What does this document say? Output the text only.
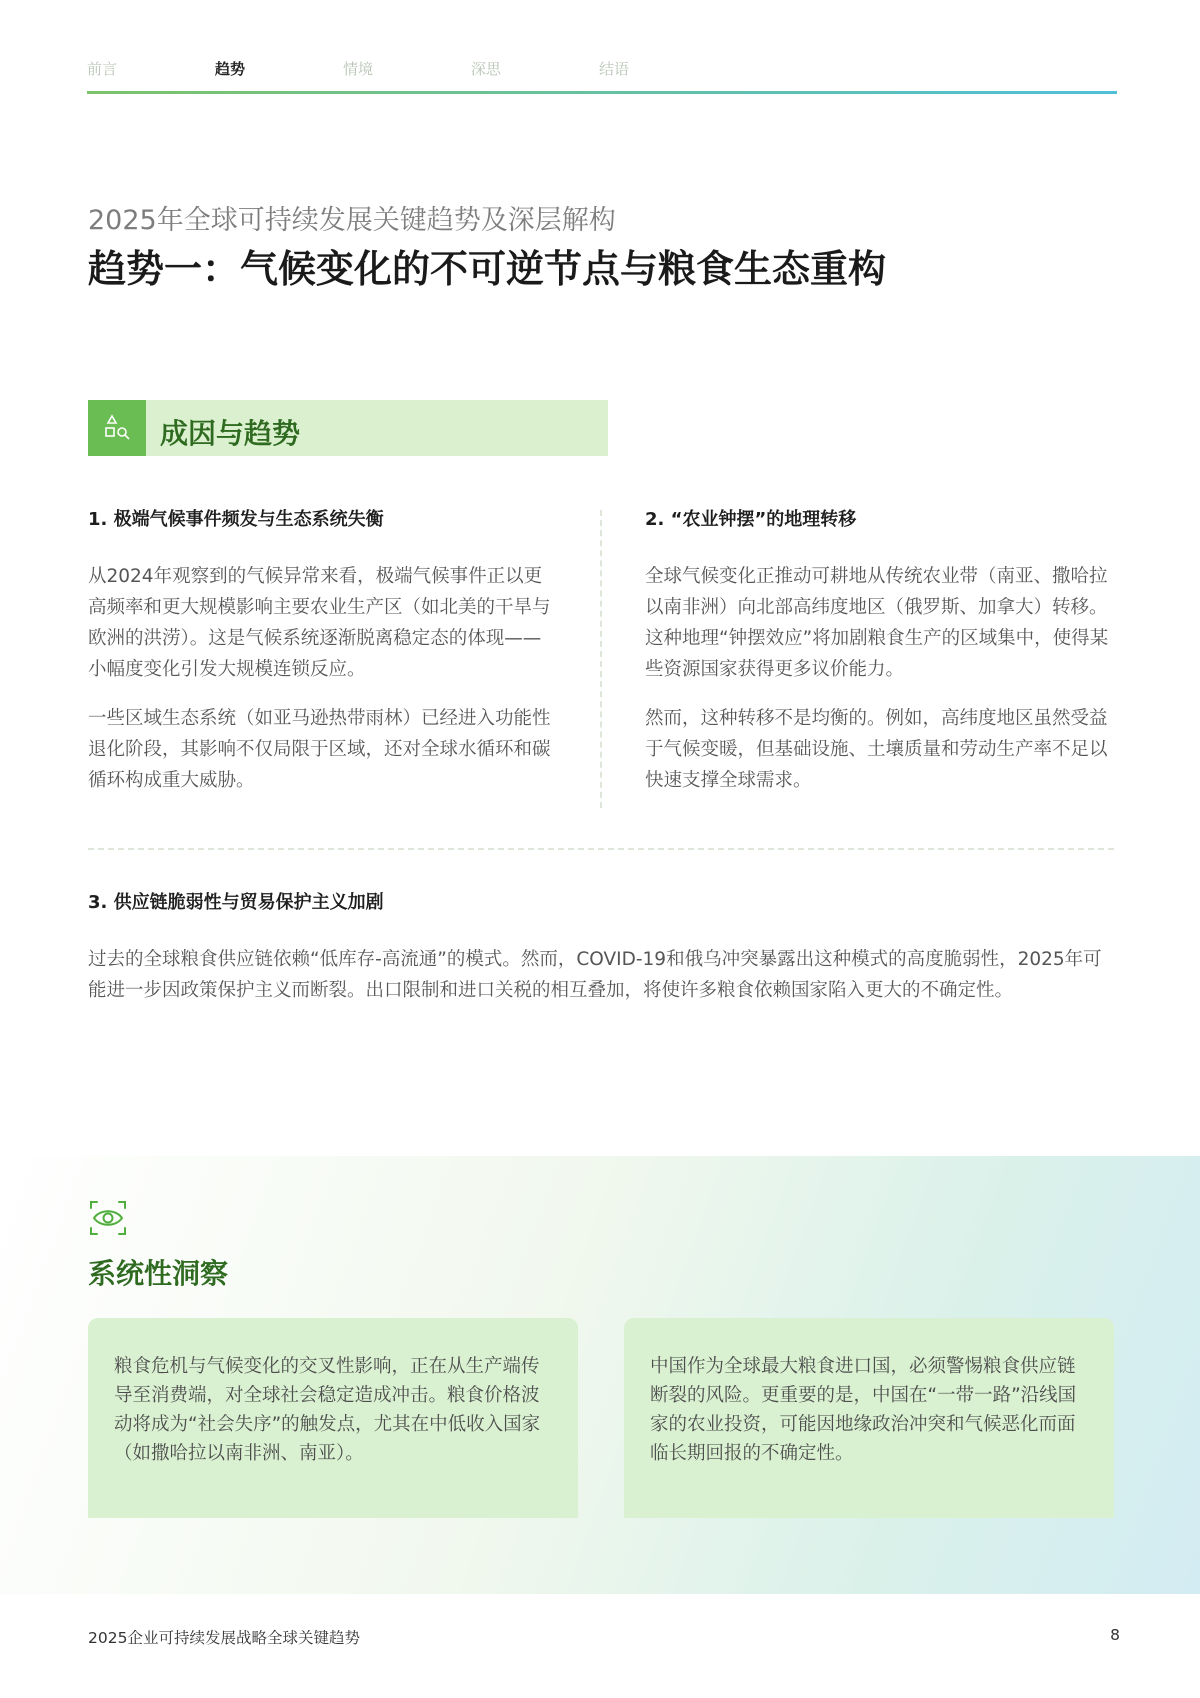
前言	趋势	情境	深思	结语
2025年全球可持续发展关键趋势及深层解构
趋势一：气候变化的不可逆节点与粮食生态重构
成因与趋势
1. 极端气候事件频发与生态系统失衡

从2024年观察到的气候异常来看，极端气候事件正以更高频率和更大规模影响主要农业生产区（如北美的干旱与欧洲的洪涝）。这是气候系统逐渐脱离稳定态的体现——小幅度变化引发大规模连锁反应。

一些区域生态系统（如亚马逊热带雨林）已经进入功能性退化阶段，其影响不仅局限于区域，还对全球水循环和碳循环构成重大威胁。

2. “农业钟摆”的地理转移

全球气候变化正推动可耕地从传统农业带（南亚、撒哈拉以南非洲）向北部高纬度地区（俄罗斯、加拿大）转移。这种地理“钟摆效应”将加剧粮食生产的区域集中，使得某些资源国家获得更多议价能力。

然而，这种转移不是均衡的。例如，高纬度地区虽然受益于气候变暖，但基础设施、土壤质量和劳动生产率不足以快速支撑全球需求。

3. 供应链脆弱性与贸易保护主义加剧

过去的全球粮食供应链依赖“低库存-高流通”的模式。然而，COVID-19和俄乌冲突暴露出这种模式的高度脆弱性，2025年可能进一步因政策保护主义而断裂。出口限制和进口关税的相互叠加，将使许多粮食依赖国家陷入更大的不确定性。

系统性洞察

粮食危机与气候变化的交叉性影响，正在从生产端传导至消费端，对全球社会稳定造成冲击。粮食价格波动将成为“社会失序”的触发点，尤其在中低收入国家（如撒哈拉以南非洲、南亚）。

中国作为全球最大粮食进口国，必须警惕粮食供应链断裂的风险。更重要的是，中国在“一带一路”沿线国家的农业投资，可能因地缘政治冲突和气候恶化而面临长期回报的不确定性。

2025企业可持续发展战略全球关键趋势	8
